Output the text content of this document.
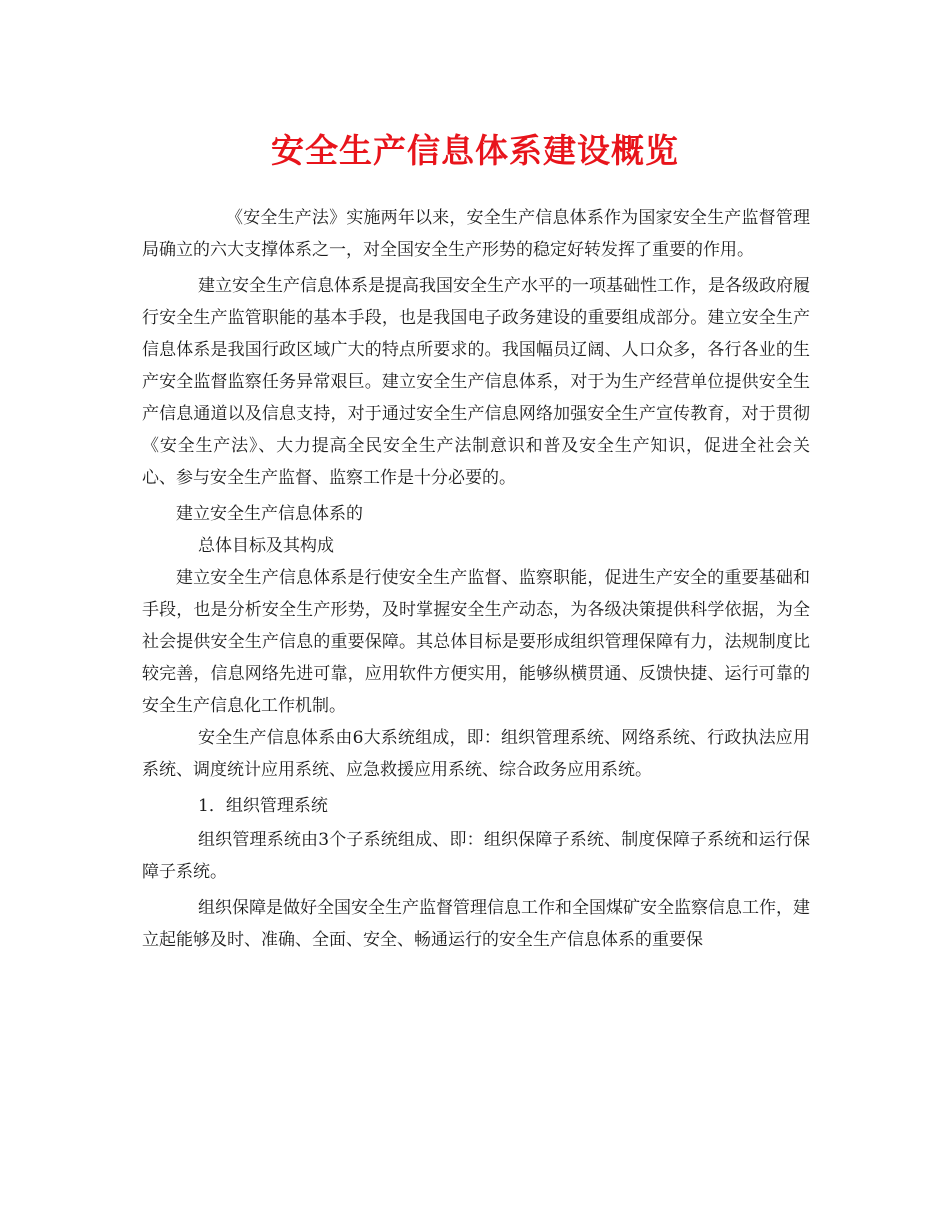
安全生产信息体系建设概览

《安全生产法》实施两年以来，安全生产信息体系作为国家安全生产监督管理局确立的六大支撑体系之一，对全国安全生产形势的稳定好转发挥了重要的作用。

建立安全生产信息体系是提高我国安全生产水平的一项基础性工作，是各级政府履行安全生产监管职能的基本手段，也是我国电子政务建设的重要组成部分。建立安全生产信息体系是我国行政区域广大的特点所要求的。我国幅员辽阔、人口众多，各行各业的生产安全监督监察任务异常艰巨。建立安全生产信息体系，对于为生产经营单位提供安全生产信息通道以及信息支持，对于通过安全生产信息网络加强安全生产宣传教育，对于贯彻《安全生产法》、大力提高全民安全生产法制意识和普及安全生产知识，促进全社会关心、参与安全生产监督、监察工作是十分必要的。

建立安全生产信息体系的

总体目标及其构成

建立安全生产信息体系是行使安全生产监督、监察职能，促进生产安全的重要基础和手段，也是分析安全生产形势，及时掌握安全生产动态，为各级决策提供科学依据，为全社会提供安全生产信息的重要保障。其总体目标是要形成组织管理保障有力，法规制度比较完善，信息网络先进可靠，应用软件方便实用，能够纵横贯通、反馈快捷、运行可靠的安全生产信息化工作机制。

安全生产信息体系由6大系统组成，即：组织管理系统、网络系统、行政执法应用系统、调度统计应用系统、应急救援应用系统、综合政务应用系统。

1．组织管理系统

组织管理系统由3个子系统组成、即：组织保障子系统、制度保障子系统和运行保障子系统。

组织保障是做好全国安全生产监督管理信息工作和全国煤矿安全监察信息工作，建立起能够及时、准确、全面、安全、畅通运行的安全生产信息体系的重要保
